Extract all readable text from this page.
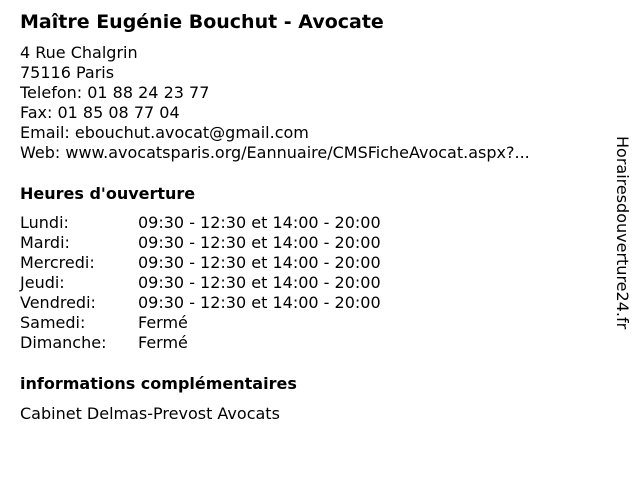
Maître Eugénie Bouchut - Avocate
4 Rue Chalgrin
75116 Paris
Telefon: 01 88 24 23 77
Fax: 01 85 08 77 04
Email: ebouchut.avocat@gmail.com
Web: www.avocatsparis.org/Eannuaire/CMSFicheAvocat.aspx?...
Heures d'ouverture
Lundi:	09:30 - 12:30 et 14:00 - 20:00
Mardi:	09:30 - 12:30 et 14:00 - 20:00
Mercredi:	09:30 - 12:30 et 14:00 - 20:00
Jeudi:	09:30 - 12:30 et 14:00 - 20:00
Vendredi:	09:30 - 12:30 et 14:00 - 20:00
Samedi:	Fermé
Dimanche: Fermé
informations complémentaires
Cabinet Delmas-Prevost Avocats
Horairesdouverture24.fr
